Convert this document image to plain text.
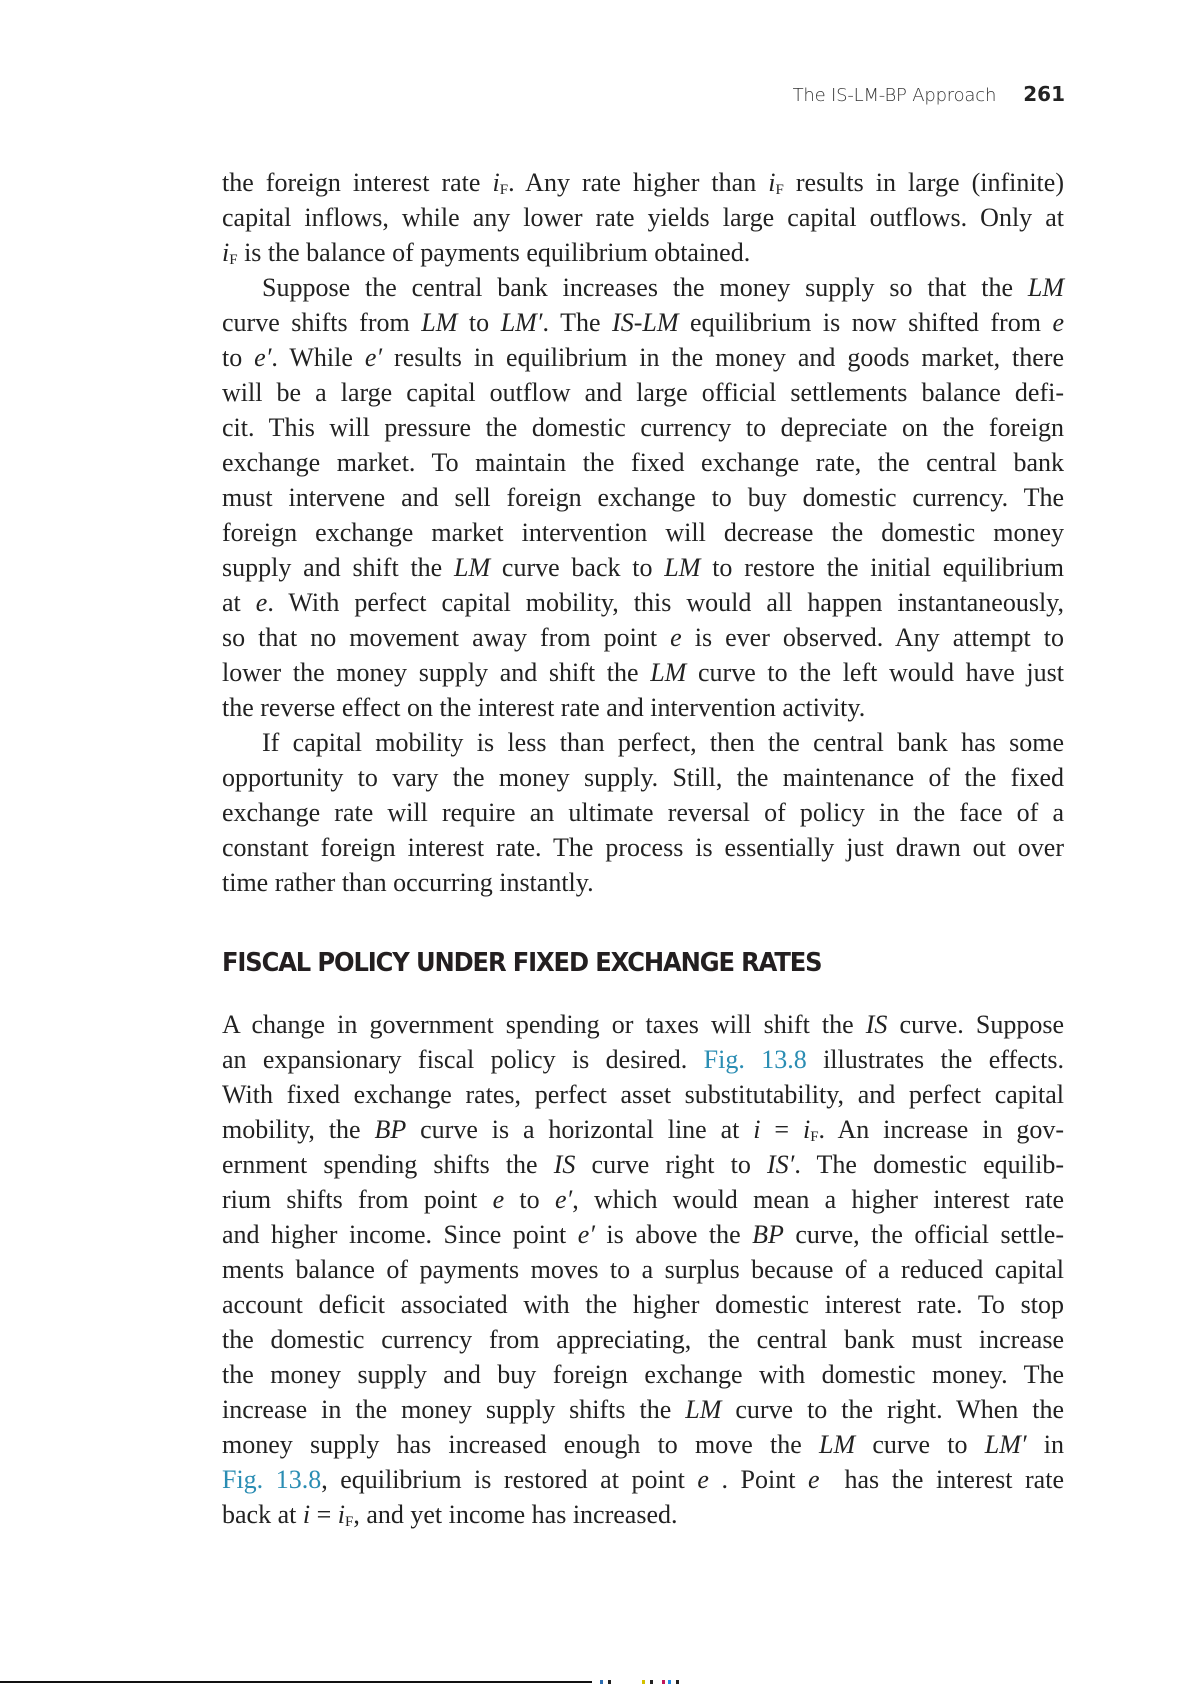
The IS-LM-BP Approach 261
the foreign interest rate $i_F$. Any rate higher than $i_F$ results in large (infinite)
capital inflows, while any lower rate yields large capital outflows. Only at
$i_F$ is the balance of payments equilibrium obtained.
Suppose the central bank increases the money supply so that the LM
curve shifts from LM to LM′. The IS-LM equilibrium is now shifted from e
to e′. While e′ results in equilibrium in the money and goods market, there
will be a large capital outflow and large official settlements balance defi-
cit. This will pressure the domestic currency to depreciate on the foreign
exchange market. To maintain the fixed exchange rate, the central bank
must intervene and sell foreign exchange to buy domestic currency. The
foreign exchange market intervention will decrease the domestic money
supply and shift the LM curve back to LM to restore the initial equilibrium
at e. With perfect capital mobility, this would all happen instantaneously,
so that no movement away from point e is ever observed. Any attempt to
lower the money supply and shift the LM curve to the left would have just
the reverse effect on the interest rate and intervention activity.
If capital mobility is less than perfect, then the central bank has some
opportunity to vary the money supply. Still, the maintenance of the fixed
exchange rate will require an ultimate reversal of policy in the face of a
constant foreign interest rate. The process is essentially just drawn out over
time rather than occurring instantly.
FISCAL POLICY UNDER FIXED EXCHANGE RATES
A change in government spending or taxes will shift the IS curve. Suppose
an expansionary fiscal policy is desired. Fig. 13.8 illustrates the effects.
With fixed exchange rates, perfect asset substitutability, and perfect capital
mobility, the BP curve is a horizontal line at $i = i_F$. An increase in gov-
ernment spending shifts the IS curve right to IS′. The domestic equilib-
rium shifts from point e to e′, which would mean a higher interest rate
and higher income. Since point e′ is above the BP curve, the official settle-
ments balance of payments moves to a surplus because of a reduced capital
account deficit associated with the higher domestic interest rate. To stop
the domestic currency from appreciating, the central bank must increase
the money supply and buy foreign exchange with domestic money. The
increase in the money supply shifts the LM curve to the right. When the
money supply has increased enough to move the LM curve to LM′ in
Fig. 13.8, equilibrium is restored at point e . Point e  has the interest rate
back at $i = i_F$, and yet income has increased.
